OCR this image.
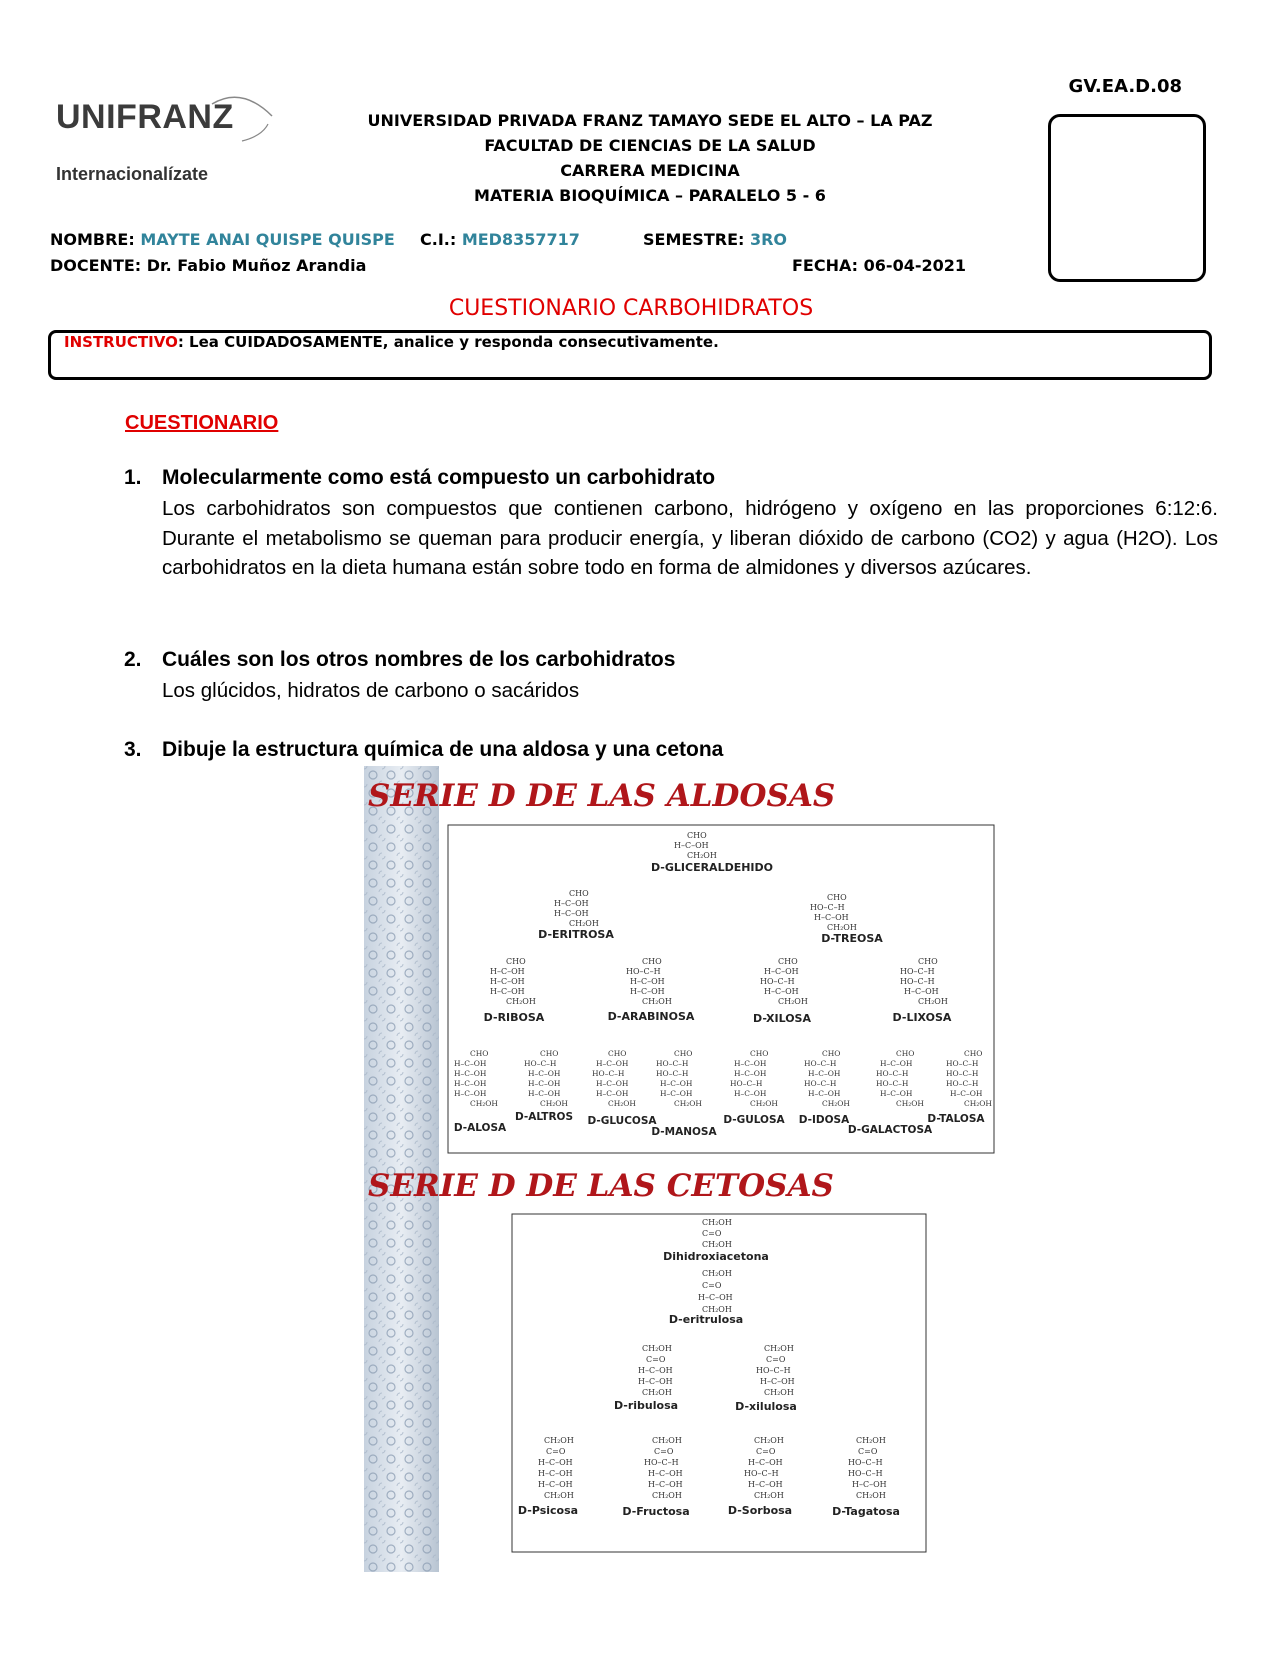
GV.EA.D.08
UNIFRANZ
Internacionalízate
UNIVERSIDAD PRIVADA FRANZ TAMAYO SEDE EL ALTO – LA PAZ
FACULTAD DE CIENCIAS DE LA SALUD
CARRERA MEDICINA
MATERIA BIOQUÍMICA – PARALELO 5 - 6
NOMBRE: MAYTE ANAI QUISPE QUISPE C.I.: MED8357717	SEMESTRE: 3RO
DOCENTE: Dr. Fabio Muñoz Arandia	FECHA: 06-04-2021
CUESTIONARIO CARBOHIDRATOS
INSTRUCTIVO: Lea CUIDADOSAMENTE, analice y responda consecutivamente.
CUESTIONARIO
1. Molecularmente como está compuesto un carbohidrato
Los carbohidratos son compuestos que contienen carbono, hidrógeno y oxígeno en las proporciones 6:12:6. Durante el metabolismo se queman para producir energía, y liberan dióxido de carbono (CO2) y agua (H2O). Los carbohidratos en la dieta humana están sobre todo en forma de almidones y diversos azúcares.
2. Cuáles son los otros nombres de los carbohidratos
Los glúcidos, hidratos de carbono o sacáridos
3. Dibuje la estructura química de una aldosa y una cetona
SERIE D DE LAS ALDOSAS
SERIE D DE LAS CETOSAS
CHO
H–C–OH
CH₂OH
D-GLICERALDEHIDO
CHO
H–C–OH
H–C–OH
CH₂OH
CHO
HO–C–H
H–C–OH
CH₂OH
D-ERITROSA	D-TREOSA
CHO
H–C–OH
H–C–OH
H–C–OH
CH₂OH
CHO
HO–C–H
H–C–OH
H–C–OH
CH₂OH
CHO
H–C–OH
HO–C–H
H–C–OH
CH₂OH
CHO
HO–C–H
HO–C–H
H–C–OH
CH₂OH
D-RIBOSA	D-ARABINOSA	D-XILOSA	D-LIXOSA
CHO
H–C–OH
H–C–OH
H–C–OH
H–C–OH
CH₂OH
CHO
HO–C–H
H–C–OH
H–C–OH
H–C–OH
CH₂OH
CHO
H–C–OH
HO–C–H
H–C–OH
H–C–OH
CH₂OH
CHO
HO–C–H
HO–C–H
H–C–OH
H–C–OH
CH₂OH
CHO
H–C–OH
H–C–OH
HO–C–H
H–C–OH
CH₂OH
CHO
HO–C–H
H–C–OH
HO–C–H
H–C–OH
CH₂OH
CHO
H–C–OH
HO–C–H
HO–C–H
H–C–OH
CH₂OH
CHO
HO–C–H
HO–C–H
HO–C–H
H–C–OH
CH₂OH
D-ALOSA
D-ALTROS D-GLUCOSA
D-MANOSA
D-GULOSA D-IDOSA
D-GALACTOSA
D-TALOSA
CH₂OH
C=O
CH₂OH
CH₂OH
C=O
H–C–OH
CH₂OH
CH₂OH
C=O
H–C–OH
H–C–OH
CH₂OH
CH₂OH
C=O
HO–C–H
H–C–OH
CH₂OH
CH₂OH
C=O
H–C–OH
H–C–OH
H–C–OH
CH₂OH
CH₂OH
C=O
HO–C–H
H–C–OH
H–C–OH
CH₂OH
CH₂OH
C=O
H–C–OH
HO–C–H
H–C–OH
CH₂OH
CH₂OH
C=O
HO–C–H
HO–C–H
H–C–OH
CH₂OH
Dihidroxiacetona
D-eritrulosa
D-ribulosa	D-xilulosa
D-Psicosa	D-Fructosa	D-Sorbosa	D-Tagatosa
